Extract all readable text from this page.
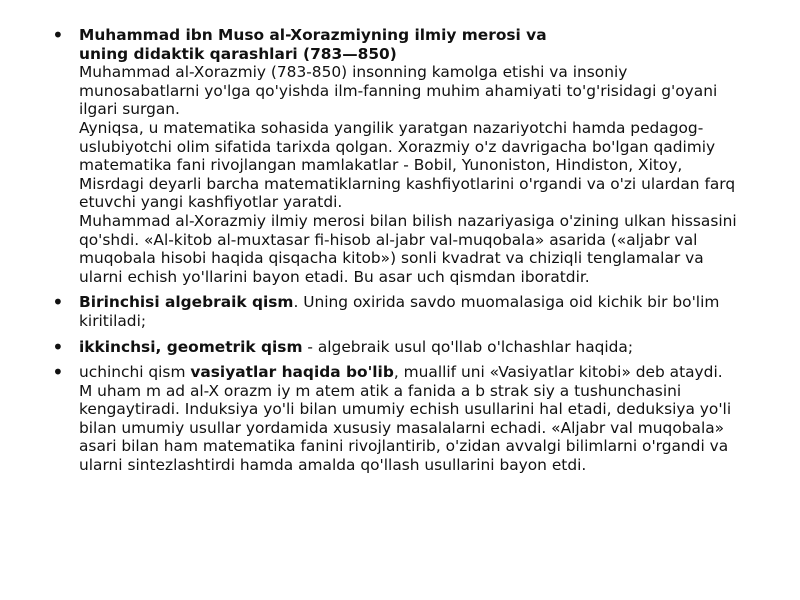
• Muhammad ibn Muso al-Xorazmiyning ilmiy merosi va
uning didaktik qarashlari (783—850)
Muhammad al-Xorazmiy (783-850) insonning kamolga etishi va insoniy
munosabatlarni yo'lga qo'yishda ilm-fanning muhim ahamiyati to'g'risidagi g'oyani
ilgari surgan.
Ayniqsa, u matematika sohasida yangilik yaratgan nazariyotchi hamda pedagog-
uslubiyotchi olim sifatida tarixda qolgan. Xorazmiy o'z davrigacha bo'lgan qadimiy
matematika fani rivojlangan mamlakatlar - Bobil, Yunoniston, Hindiston, Xitoy,
Misrdagi deyarli barcha matematiklarning kashfiyotlarini o'rgandi va o'zi ulardan farq
etuvchi yangi kashfiyotlar yaratdi.
Muhammad al-Xorazmiy ilmiy merosi bilan bilish nazariyasiga o'zining ulkan hissasini
qo'shdi. «Al-kitob al-muxtasar fi-hisob al-jabr val-muqobala» asarida («aljabr val
muqobala hisobi haqida qisqacha kitob») sonli kvadrat va chiziqli tenglamalar va
ularni echish yo'llarini bayon etadi. Bu asar uch qismdan iboratdir.
• Birinchisi algebraik qism. Uning oxirida savdo muomalasiga oid kichik bir bo'lim
kiritiladi;
• ikkinchsi, geometrik qism - algebraik usul qo'llab o'lchashlar haqida;
• uchinchi qism vasiyatlar haqida bo'lib, muallif uni «Vasiyatlar kitobi» deb ataydi.
M uham m ad al-X orazm iy m atem atik a fanida a b strak siy a tushunchasini
kengaytiradi. Induksiya yo'li bilan umumiy echish usullarini hal etadi, deduksiya yo'li
bilan umumiy usullar yordamida xususiy masalalarni echadi. «Aljabr val muqobala»
asari bilan ham matematika fanini rivojlantirib, o'zidan avvalgi bilimlarni o'rgandi va
ularni sintezlashtirdi hamda amalda qo'llash usullarini bayon etdi.
